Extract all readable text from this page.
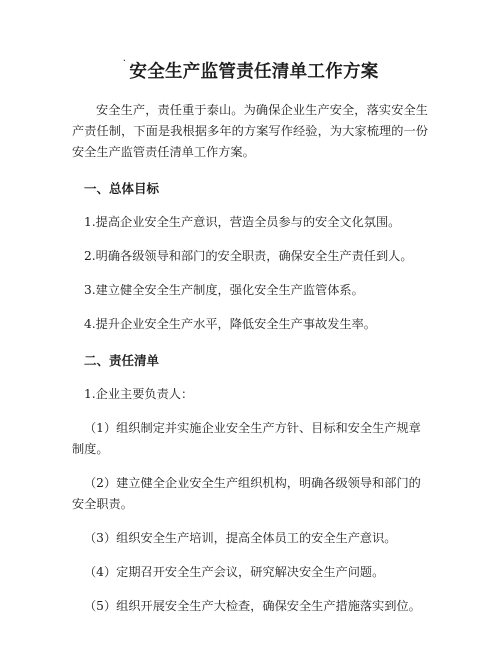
˙ 安全生产监管责任清单工作方案

安全生产，责任重于泰山。为确保企业生产安全，落实安全生产责任制，下面是我根据多年的方案写作经验，为大家梳理的一份安全生产监管责任清单工作方案。

一、总体目标

1.提高企业安全生产意识，营造全员参与的安全文化氛围。

2.明确各级领导和部门的安全职责，确保安全生产责任到人。

3.建立健全安全生产制度，强化安全生产监管体系。

4.提升企业安全生产水平，降低安全生产事故发生率。

二、责任清单

1.企业主要负责人：

（1）组织制定并实施企业安全生产方针、目标和安全生产规章制度。

（2）建立健全企业安全生产组织机构，明确各级领导和部门的安全职责。

（3）组织安全生产培训，提高全体员工的安全生产意识。

（4）定期召开安全生产会议，研究解决安全生产问题。

（5）组织开展安全生产大检查，确保安全生产措施落实到位。
